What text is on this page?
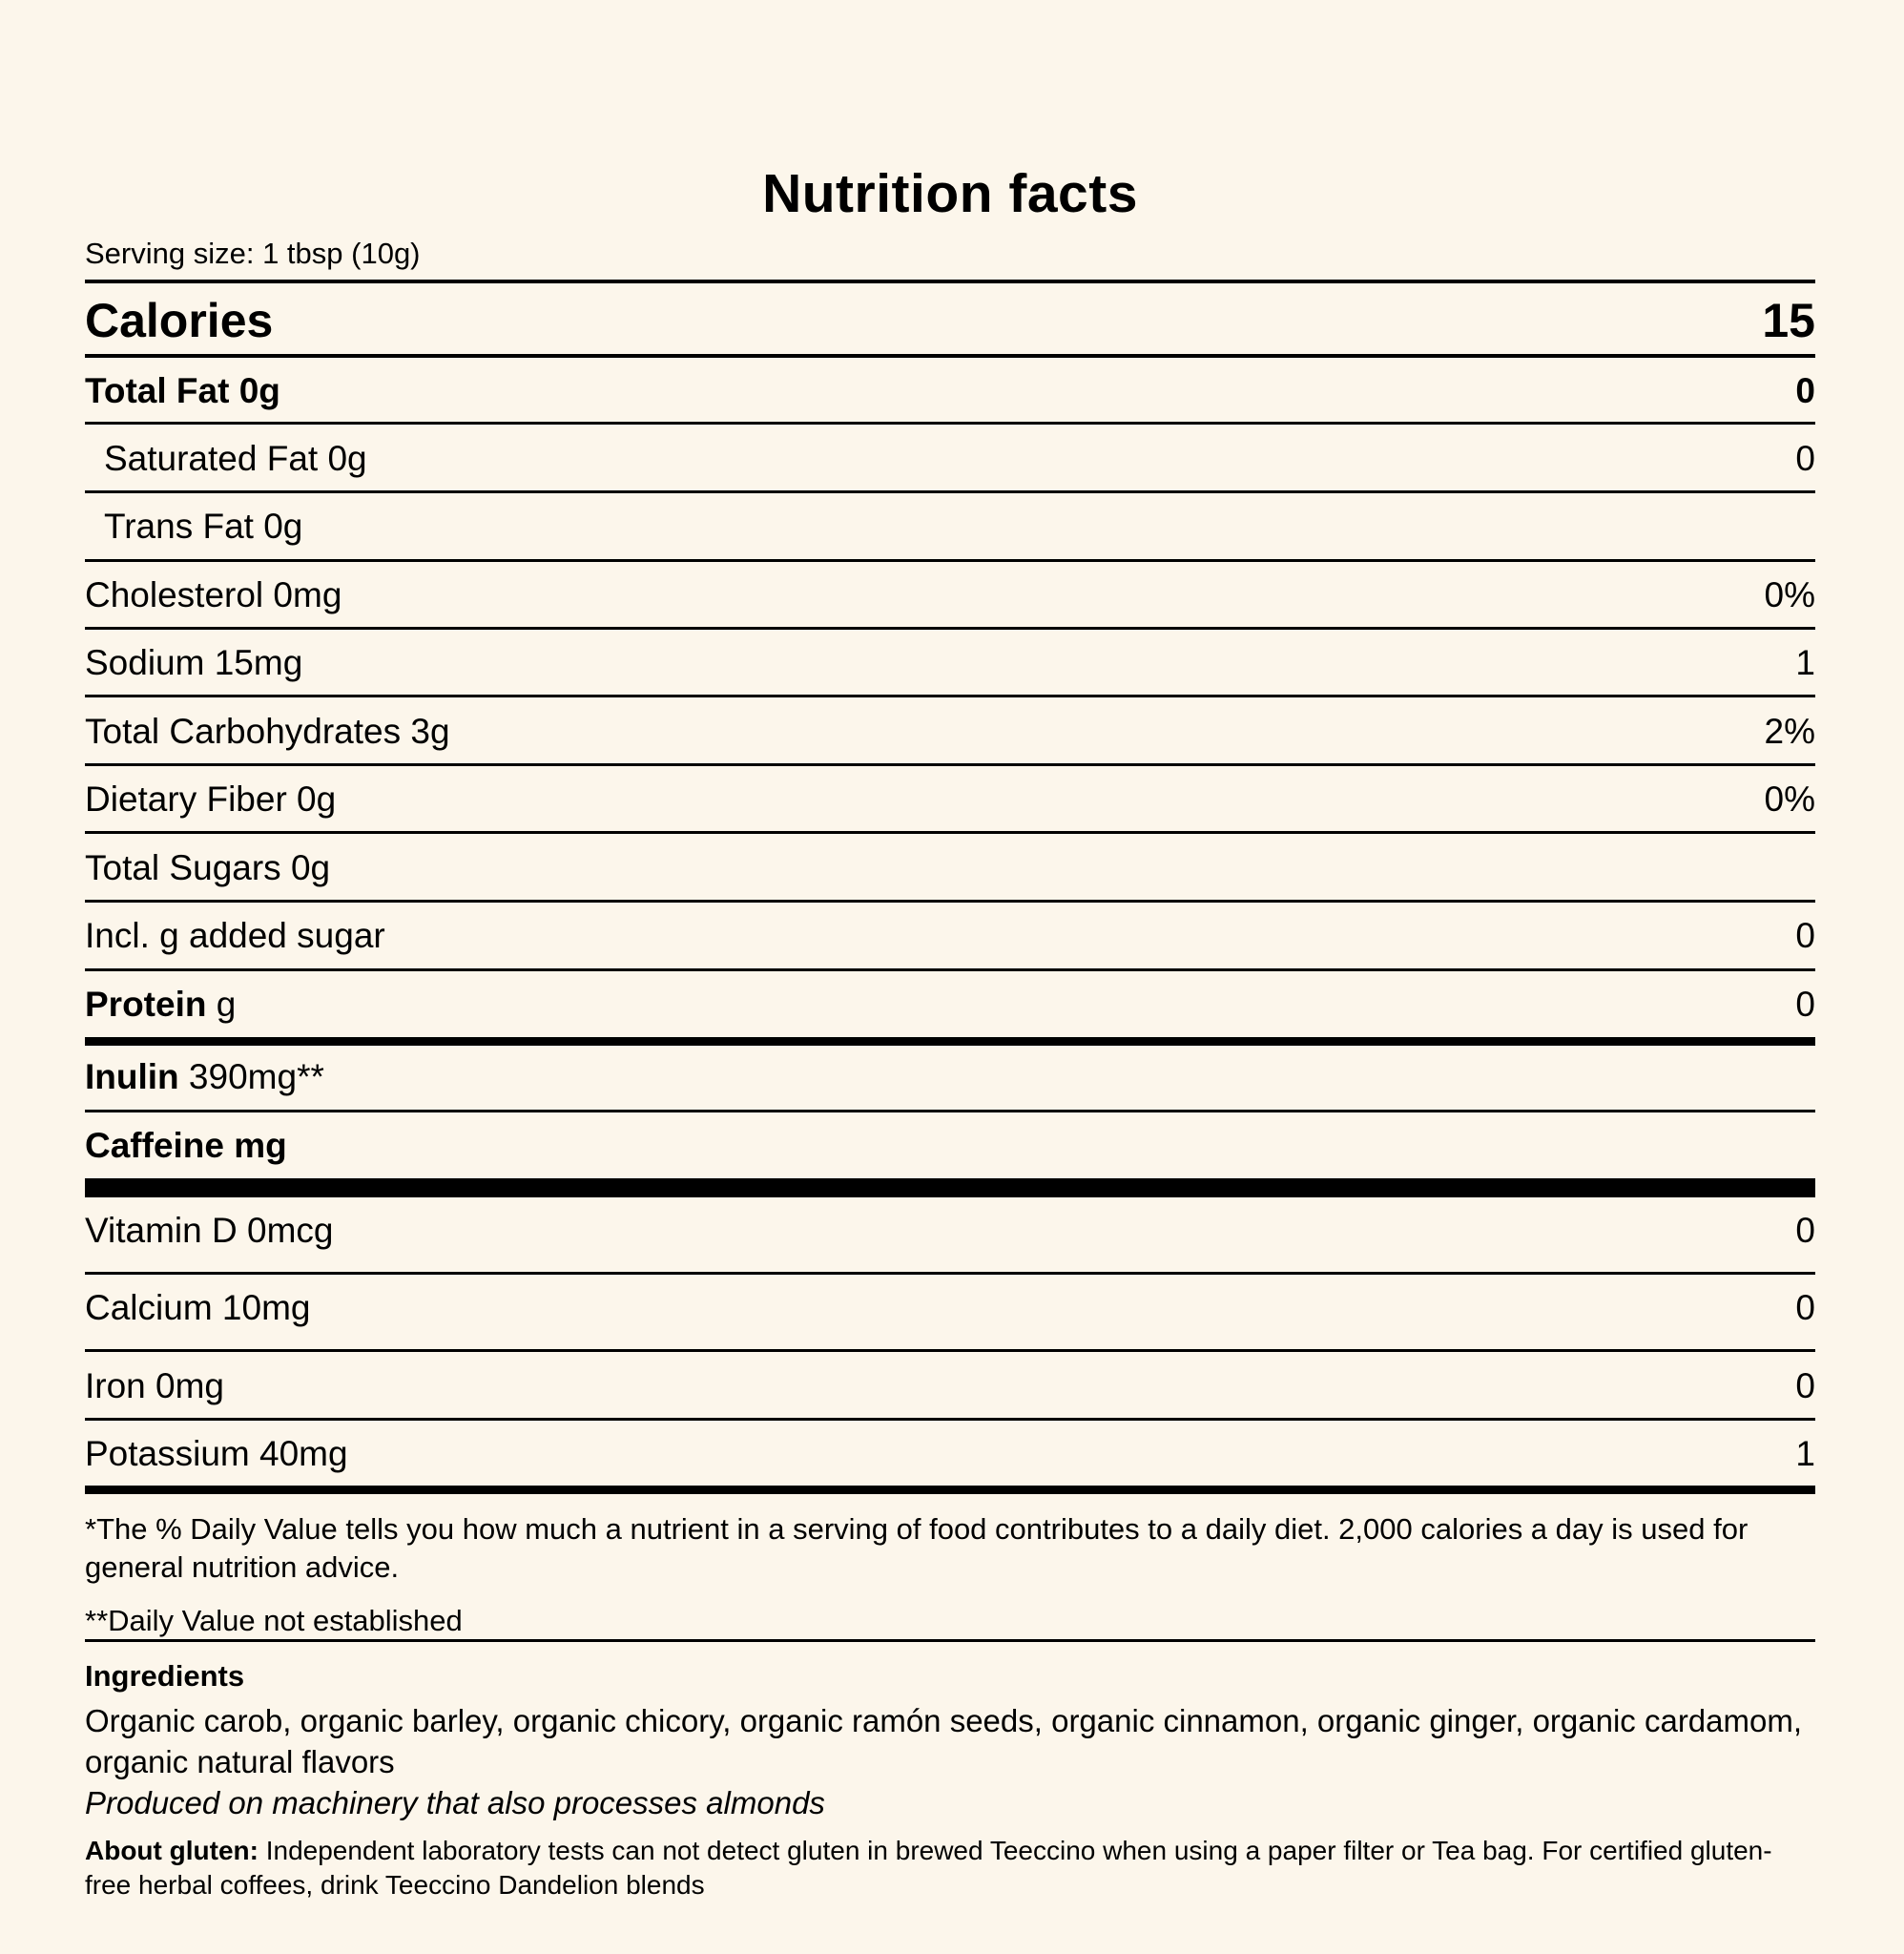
Nutrition facts
Serving size: 1 tbsp (10g)
Calories	15
Total Fat 0g	0
Saturated Fat 0g	0
Trans Fat 0g
Cholesterol 0mg	0%
Sodium 15mg	1
Total Carbohydrates 3g	2%
Dietary Fiber 0g	0%
Total Sugars 0g
Incl. g added sugar	0
Protein g	0
Inulin 390mg**
Caffeine mg
Vitamin D 0mcg	0
Calcium 10mg	0
Iron 0mg	0
Potassium 40mg	1
*The % Daily Value tells you how much a nutrient in a serving of food contributes to a daily diet. 2,000 calories a day is used for general nutrition advice.
**Daily Value not established
Ingredients
Organic carob, organic barley, organic chicory, organic ramón seeds, organic cinnamon, organic ginger, organic cardamom, organic natural flavors
Produced on machinery that also processes almonds
About gluten: Independent laboratory tests can not detect gluten in brewed Teeccino when using a paper filter or Tea bag. For certified gluten-free herbal coffees, drink Teeccino Dandelion blends
